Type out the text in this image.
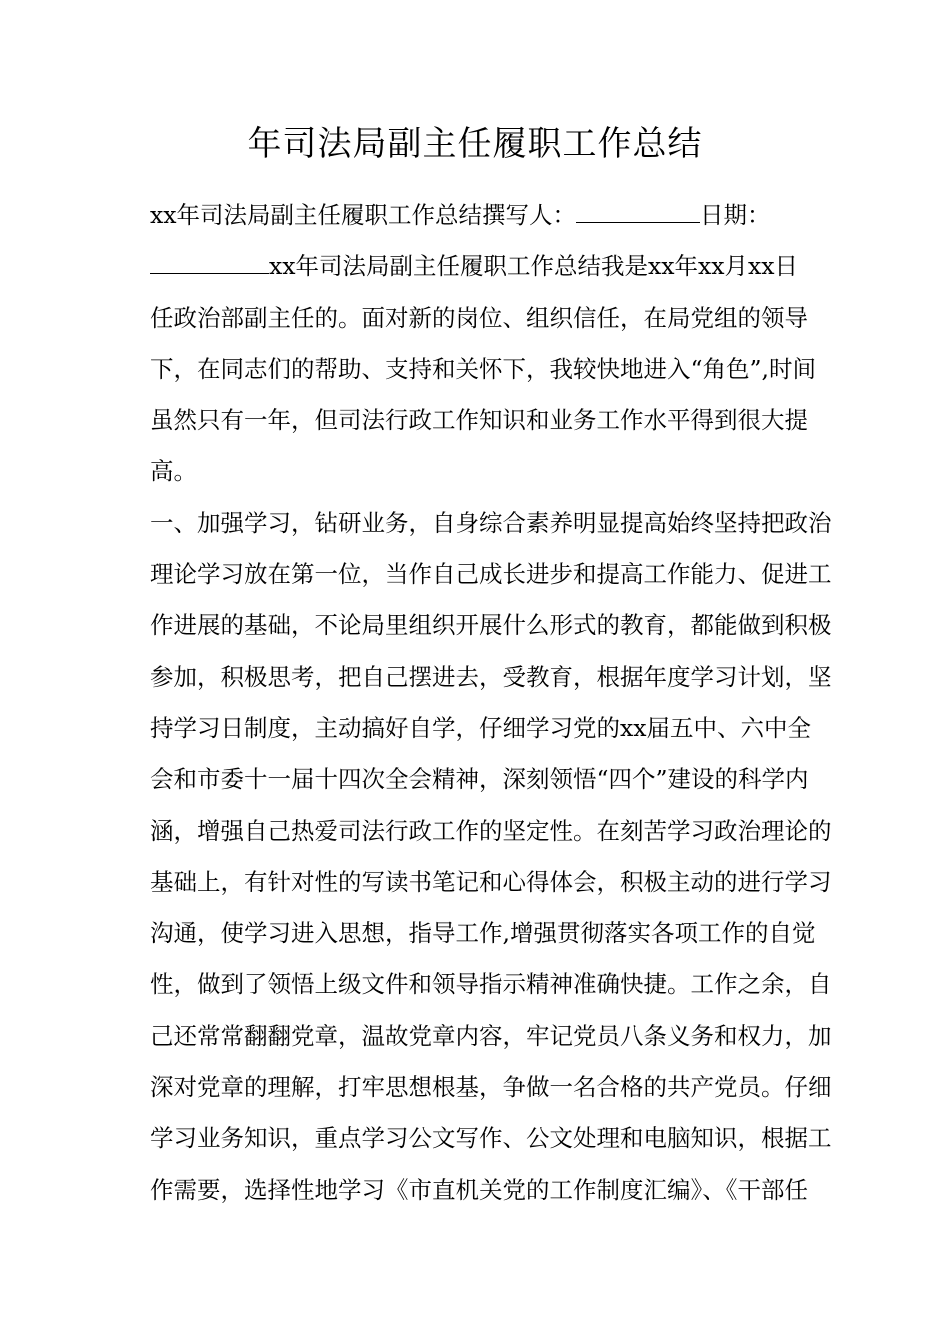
年司法局副主任履职工作总结
xx年司法局副主任履职工作总结撰写人：	日期：
xx年司法局副主任履职工作总结我是xx年xx月xx日
任政治部副主任的。面对新的岗位、组织信任，在局党组的领导
下，在同志们的帮助、支持和关怀下，我较快地进入“角色”,时间
虽然只有一年，但司法行政工作知识和业务工作水平得到很大提
高。
一、加强学习，钻研业务，自身综合素养明显提高始终坚持把政治
理论学习放在第一位，当作自己成长进步和提高工作能力、促进工
作进展的基础，不论局里组织开展什么形式的教育，都能做到积极
参加，积极思考，把自己摆进去，受教育，根据年度学习计划，坚
持学习日制度，主动搞好自学，仔细学习党的xx届五中、六中全
会和市委十一届十四次全会精神，深刻领悟“四个”建设的科学内
涵，增强自己热爱司法行政工作的坚定性。在刻苦学习政治理论的
基础上，有针对性的写读书笔记和心得体会，积极主动的进行学习
沟通，使学习进入思想，指导工作,增强贯彻落实各项工作的自觉
性，做到了领悟上级文件和领导指示精神准确快捷。工作之余，自
己还常常翻翻党章，温故党章内容，牢记党员八条义务和权力，加
深对党章的理解，打牢思想根基，争做一名合格的共产党员。仔细
学习业务知识，重点学习公文写作、公文处理和电脑知识，根据工
作需要，选择性地学习《市直机关党的工作制度汇编》、《干部任
